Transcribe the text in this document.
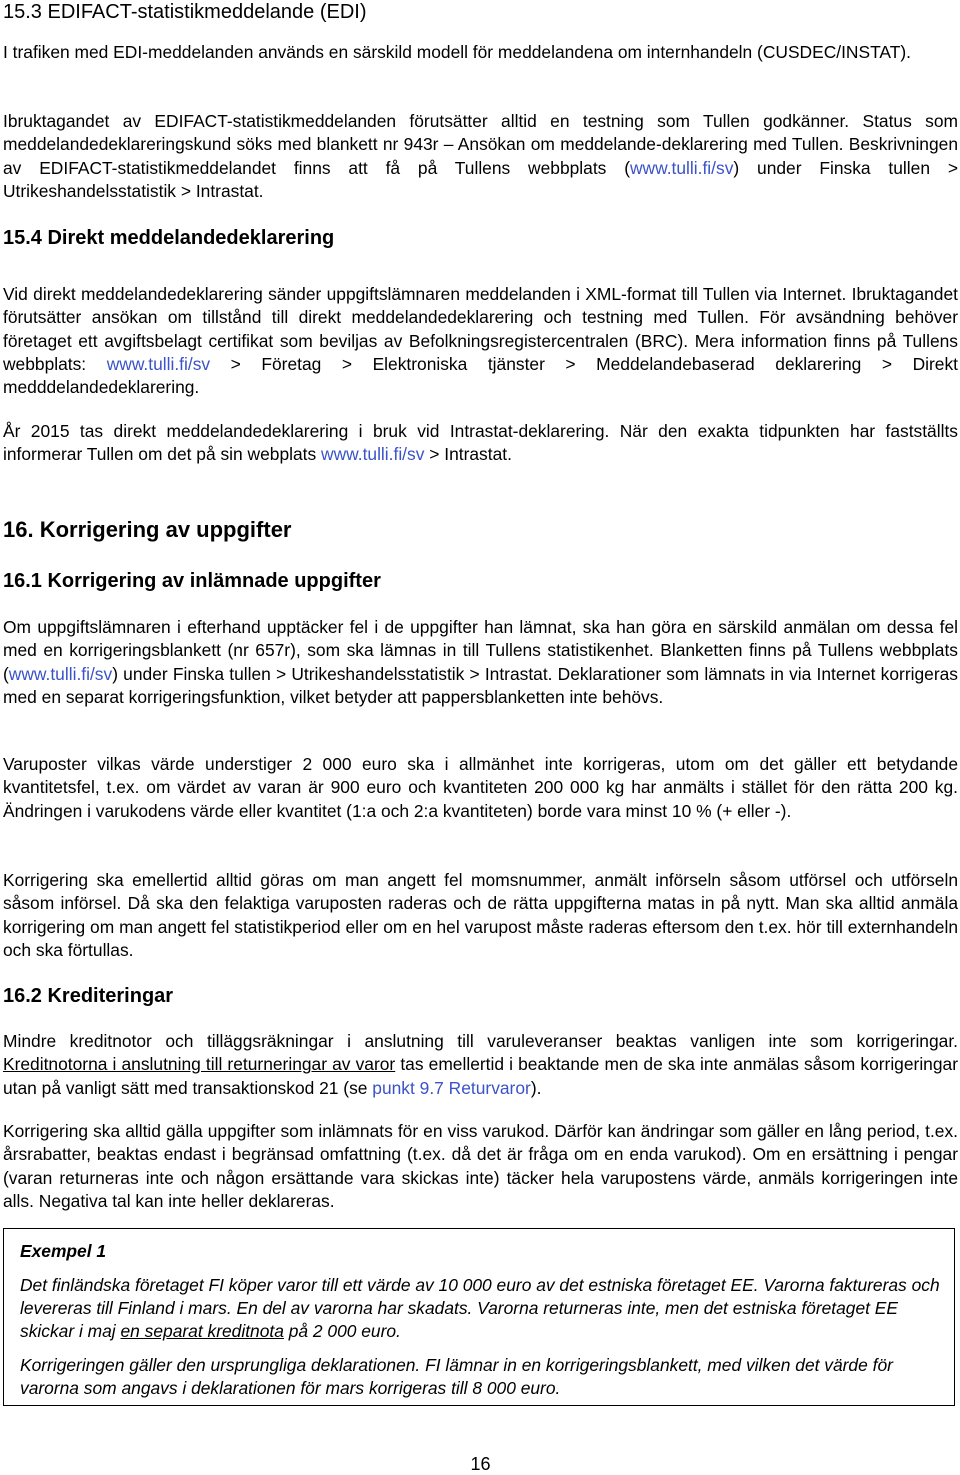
15.3 EDIFACT-statistikmeddelande (EDI)

I trafiken med EDI-meddelanden används en särskild modell för meddelandena om internhandeln (CUSDEC/INSTAT).

Ibruktagandet av EDIFACT-statistikmeddelanden förutsätter alltid en testning som Tullen godkänner. Status som meddelandedeklareringskund söks med blankett nr 943r – Ansökan om meddelande-deklarering med Tullen. Beskrivningen av EDIFACT-statistikmeddelandet finns att få på Tullens webbplats (www.tulli.fi/sv) under Finska tullen > Utrikeshandelsstatistik > Intrastat.

15.4 Direkt meddelandedeklarering

Vid direkt meddelandedeklarering sänder uppgiftslämnaren meddelanden i XML-format till Tullen via Internet. Ibruktagandet förutsätter ansökan om tillstånd till direkt meddelandedeklarering och testning med Tullen. För avsändning behöver företaget ett avgiftsbelagt certifikat som beviljas av Befolkningsregistercentralen (BRC). Mera information finns på Tullens webbplats: www.tulli.fi/sv > Företag > Elektroniska tjänster > Meddelandebaserad deklarering > Direkt medddelandedeklarering.

År 2015 tas direkt meddelandedeklarering i bruk vid Intrastat-deklarering. När den exakta tidpunkten har fastställts informerar Tullen om det på sin webplats www.tulli.fi/sv > Intrastat.

16. Korrigering av uppgifter
16.1 Korrigering av inlämnade uppgifter

Om uppgiftslämnaren i efterhand upptäcker fel i de uppgifter han lämnat, ska han göra en särskild anmälan om dessa fel med en korrigeringsblankett (nr 657r), som ska lämnas in till Tullens statistikenhet. Blanketten finns på Tullens webbplats (www.tulli.fi/sv) under Finska tullen > Utrikeshandelsstatistik > Intrastat. Deklarationer som lämnats in via Internet korrigeras med en separat korrigeringsfunktion, vilket betyder att pappersblanketten inte behövs.

Varuposter vilkas värde understiger 2 000 euro ska i allmänhet inte korrigeras, utom om det gäller ett betydande kvantitetsfel, t.ex. om värdet av varan är 900 euro och kvantiteten 200 000 kg har anmälts i stället för den rätta 200 kg. Ändringen i varukodens värde eller kvantitet (1:a och 2:a kvantiteten) borde vara minst 10 % (+ eller -).

Korrigering ska emellertid alltid göras om man angett fel momsnummer, anmält införseln såsom utförsel och utförseln såsom införsel. Då ska den felaktiga varuposten raderas och de rätta uppgifterna matas in på nytt. Man ska alltid anmäla korrigering om man angett fel statistikperiod eller om en hel varupost måste raderas eftersom den t.ex. hör till externhandeln och ska förtullas.

16.2 Krediteringar

Mindre kreditnotor och tilläggsräkningar i anslutning till varuleveranser beaktas vanligen inte som korrigeringar. Kreditnotorna i anslutning till returneringar av varor tas emellertid i beaktande men de ska inte anmälas såsom korrigeringar utan på vanligt sätt med transaktionskod 21 (se punkt 9.7 Returvaror).

Korrigering ska alltid gälla uppgifter som inlämnats för en viss varukod. Därför kan ändringar som gäller en lång period, t.ex. årsrabatter, beaktas endast i begränsad omfattning (t.ex. då det är fråga om en enda varukod). Om en ersättning i pengar (varan returneras inte och någon ersättande vara skickas inte) täcker hela varupostens värde, anmäls korrigeringen inte alls. Negativa tal kan inte heller deklareras.

Exempel 1
Det finländska företaget FI köper varor till ett värde av 10 000 euro av det estniska företaget EE. Varorna faktureras och levereras till Finland i mars. En del av varorna har skadats. Varorna returneras inte, men det estniska företaget EE skickar i maj en separat kreditnota på 2 000 euro.
Korrigeringen gäller den ursprungliga deklarationen. FI lämnar in en korrigeringsblankett, med vilken det värde för varorna som angavs i deklarationen för mars korrigeras till 8 000 euro.
16
